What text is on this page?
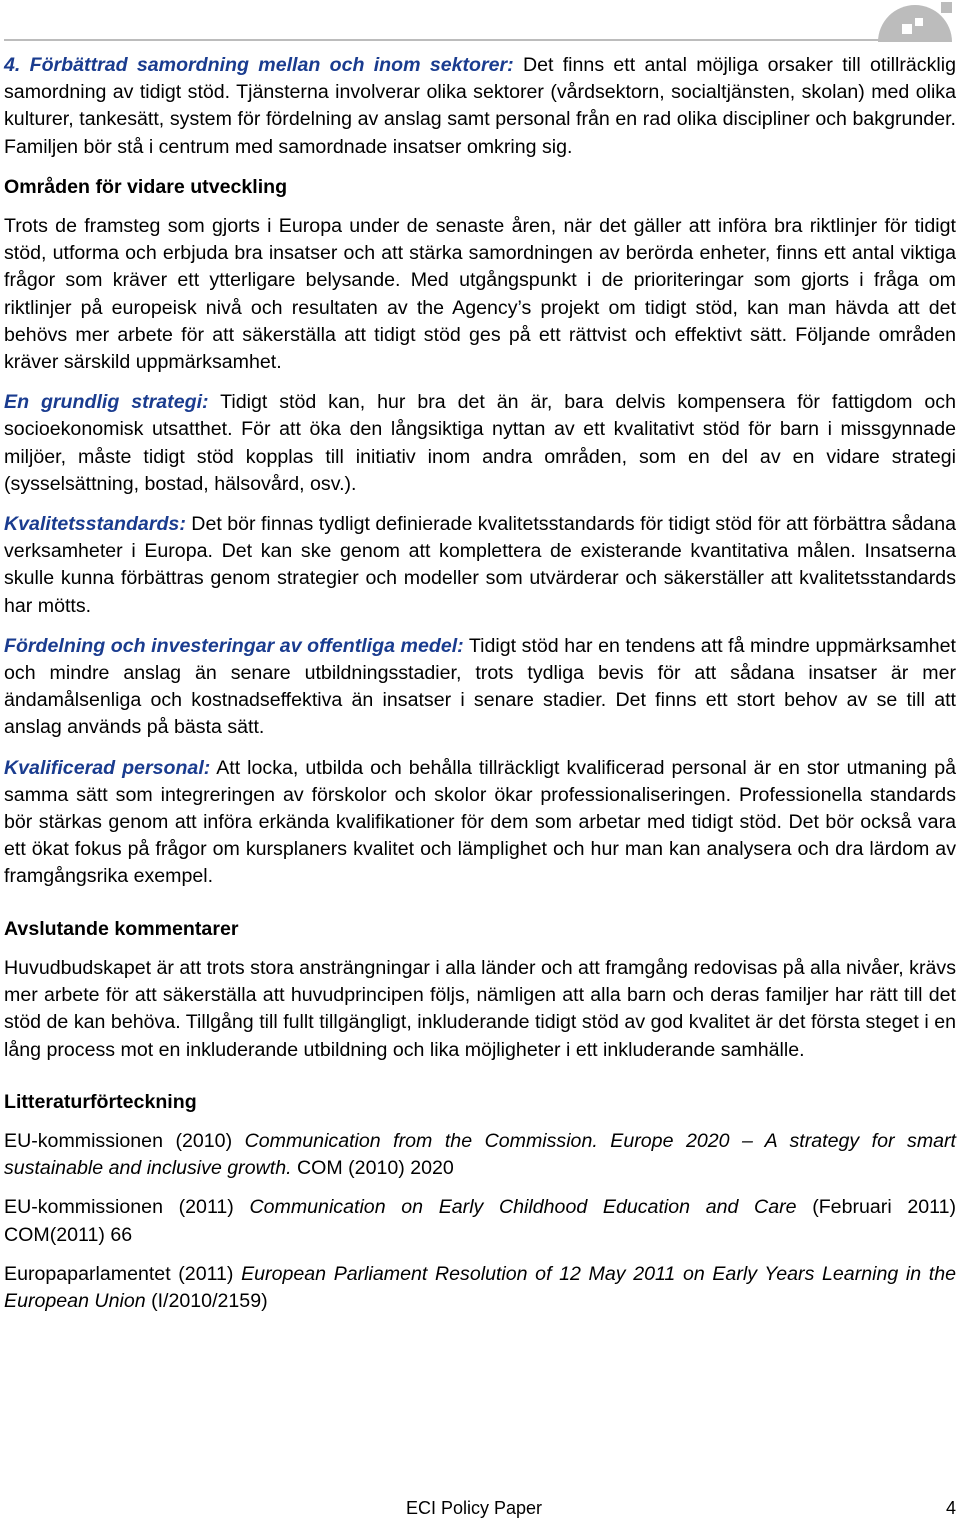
4. Förbättrad samordning mellan och inom sektorer: Det finns ett antal möjliga orsaker till otillräcklig samordning av tidigt stöd. Tjänsterna involverar olika sektorer (vårdsektorn, socialtjänsten, skolan) med olika kulturer, tankesätt, system för fördelning av anslag samt personal från en rad olika discipliner och bakgrunder. Familjen bör stå i centrum med samordnade insatser omkring sig.

Områden för vidare utveckling

Trots de framsteg som gjorts i Europa under de senaste åren, när det gäller att införa bra riktlinjer för tidigt stöd, utforma och erbjuda bra insatser och att stärka samordningen av berörda enheter, finns ett antal viktiga frågor som kräver ett ytterligare belysande. Med utgångspunkt i de prioriteringar som gjorts i fråga om riktlinjer på europeisk nivå och resultaten av the Agency’s projekt om tidigt stöd, kan man hävda att det behövs mer arbete för att säkerställa att tidigt stöd ges på ett rättvist och effektivt sätt. Följande områden kräver särskild uppmärksamhet.

En grundlig strategi: Tidigt stöd kan, hur bra det än är, bara delvis kompensera för fattigdom och socioekonomisk utsatthet. För att öka den långsiktiga nyttan av ett kvalitativt stöd för barn i missgynnade miljöer, måste tidigt stöd kopplas till initiativ inom andra områden, som en del av en vidare strategi (sysselsättning, bostad, hälsovård, osv.).

Kvalitetsstandards: Det bör finnas tydligt definierade kvalitetsstandards för tidigt stöd för att förbättra sådana verksamheter i Europa. Det kan ske genom att komplettera de existerande kvantitativa målen. Insatserna skulle kunna förbättras genom strategier och modeller som utvärderar och säkerställer att kvalitetsstandards har mötts.

Fördelning och investeringar av offentliga medel: Tidigt stöd har en tendens att få mindre uppmärksamhet och mindre anslag än senare utbildningsstadier, trots tydliga bevis för att sådana insatser är mer ändamålsenliga och kostnadseffektiva än insatser i senare stadier. Det finns ett stort behov av se till att anslag används på bästa sätt.

Kvalificerad personal: Att locka, utbilda och behålla tillräckligt kvalificerad personal är en stor utmaning på samma sätt som integreringen av förskolor och skolor ökar professionaliseringen. Professionella standards bör stärkas genom att införa erkända kvalifikationer för dem som arbetar med tidigt stöd. Det bör också vara ett ökat fokus på frågor om kursplaners kvalitet och lämplighet och hur man kan analysera och dra lärdom av framgångsrika exempel.

Avslutande kommentarer

Huvudbudskapet är att trots stora ansträngningar i alla länder och att framgång redovisas på alla nivåer, krävs mer arbete för att säkerställa att huvudprincipen följs, nämligen att alla barn och deras familjer har rätt till det stöd de kan behöva. Tillgång till fullt tillgängligt, inkluderande tidigt stöd av god kvalitet är det första steget i en lång process mot en inkluderande utbildning och lika möjligheter i ett inkluderande samhälle.

Litteraturförteckning

EU-kommissionen (2010) Communication from the Commission. Europe 2020 – A strategy for smart sustainable and inclusive growth. COM (2010) 2020

EU-kommissionen (2011) Communication on Early Childhood Education and Care (Februari 2011) COM(2011) 66

Europaparlamentet (2011) European Parliament Resolution of 12 May 2011 on Early Years Learning in the European Union (I/2010/2159)

ECI Policy Paper	4
